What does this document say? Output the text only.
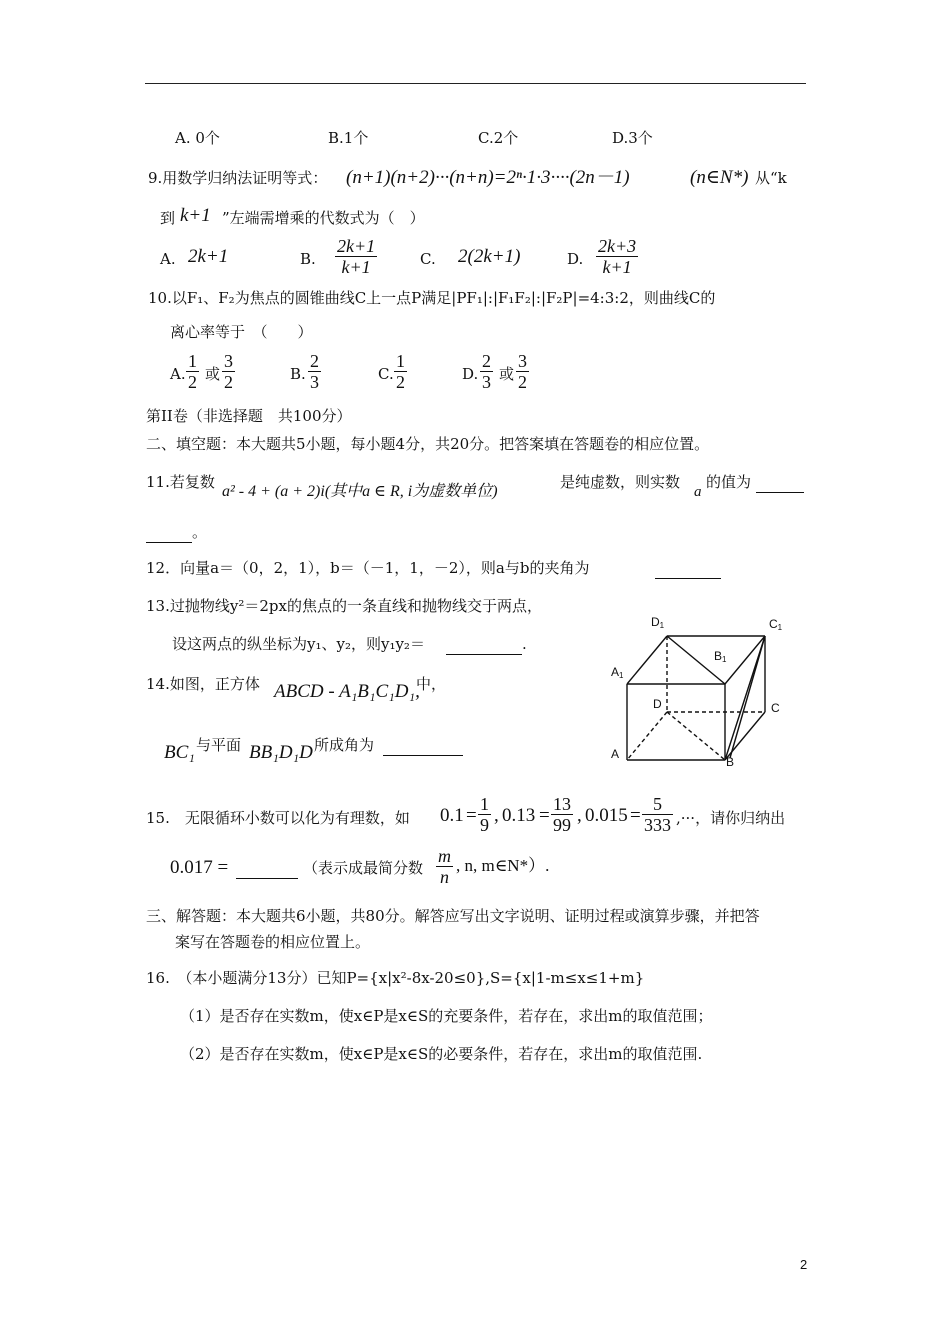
A. 0个	B.1个	C.2个	D.3个
9.用数学归纳法证明等式： (n+1)(n+2)···(n+n)=2ⁿ·1·3····(2n－1)	(n∈N*) 从“k
到 k+1 ”左端需增乘的代数式为（　）
A. 2k+1	B. $\frac{2k+1}{k+1}$	C. 2(2k+1)	D. $\frac{2k+3}{k+1}$
10.以F₁、F₂为焦点的圆锥曲线C上一点P满足|PF₁|:|F₁F₂|:|F₂P|=4:3:2，则曲线C的
离心率等于　（　　）
A. $\frac{1}{2}$ 或 $\frac{3}{2}$	B. $\frac{2}{3}$	C. $\frac{1}{2}$	D. $\frac{2}{3}$ 或 $\frac{3}{2}$
第II卷（非选择题　共100分）
二、填空题：本大题共5小题，每小题4分，共20分。把答案填在答题卷的相应位置。
11.若复数
a² - 4 + (a + 2)i(其中a ∈ R, i为虚数单位)
是纯虚数，则实数
a
的值为

。
12．向量a＝（0，2，1），b＝（－1，1，－2），则a与b的夹角为

13.过抛物线y²＝2px的焦点的一条直线和抛物线交于两点，
设这两点的纵坐标为y₁、y₂，则y₁y₂＝
	.
14.如图，正方体 ABCD - A₁B₁C₁D₁,
中，
BC₁ 与平面 BB₁D₁D 所成角为
	A
B
C
D
A1
B1
C1
D1
15.　无限循环小数可以化为有理数，如 $0.1 = \frac{1}{9}$ , $0.13 = \frac{13}{99}$ , $0.015 = \frac{5}{333}$ ,···，请你归纳出
0.017 =
	（表示成最简分数 $\frac{m}{n}$ , n, m∈N*）.
三、解答题：本大题共6小题，共80分。解答应写出文字说明、证明过程或演算步骤，并把答
案写在答题卷的相应位置上。
16.　（本小题满分13分）已知P={x|x²-8x-20≤0},S={x|1-m≤x≤1+m}
（1）是否存在实数m，使x∈P是x∈S的充要条件，若存在，求出m的取值范围；
（2）是否存在实数m，使x∈P是x∈S的必要条件，若存在，求出m的取值范围.
2
